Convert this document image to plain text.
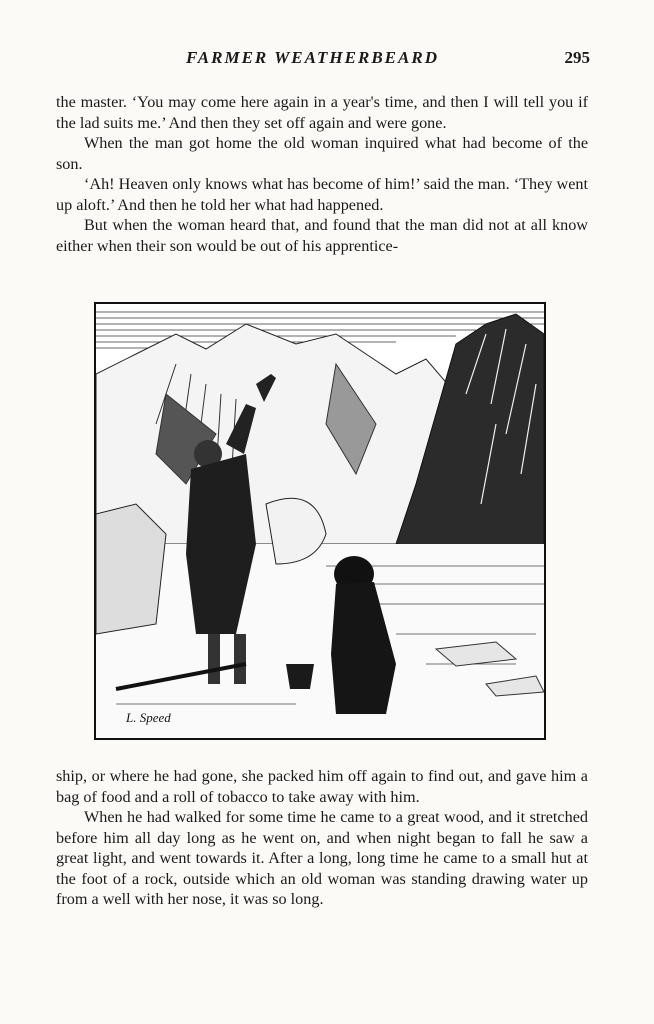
FARMER WEATHERBEARD	295

the master. ‘You may come here again in a year's time, and then I will tell you if the lad suits me.’ And then they set off again and were gone.

When the man got home the old woman inquired what had become of the son.

‘Ah! Heaven only knows what has become of him!’ said the man. ‘They went up aloft.’ And then he told her what had happened.

But when the woman heard that, and found that the man did not at all know either when their son would be out of his apprentice-

L. Speed

ship, or where he had gone, she packed him off again to find out, and gave him a bag of food and a roll of tobacco to take away with him.

When he had walked for some time he came to a great wood, and it stretched before him all day long as he went on, and when night began to fall he saw a great light, and went towards it. After a long, long time he came to a small hut at the foot of a rock, outside which an old woman was standing drawing water up from a well with her nose, it was so long.
